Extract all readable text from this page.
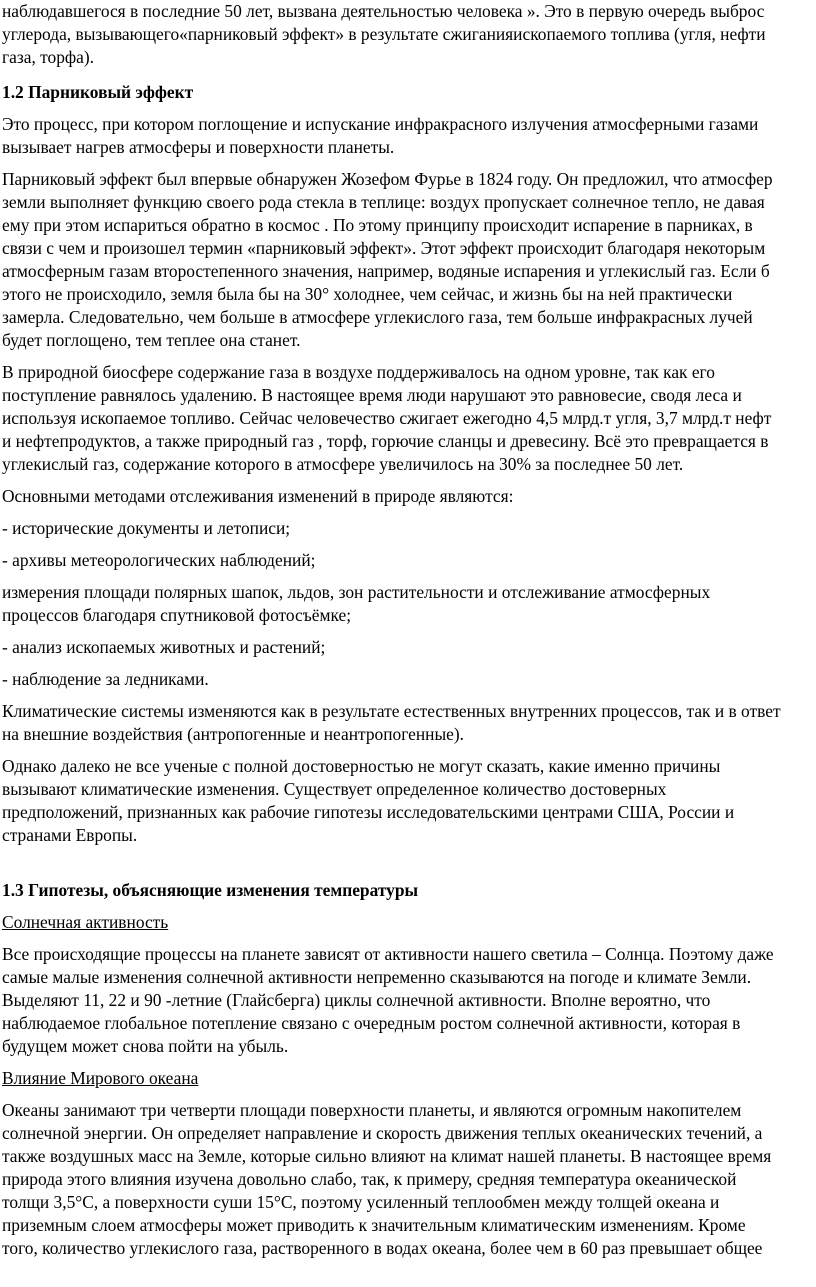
наблюдавшегося в последние 50 лет, вызвана деятельностью человека ». Это в первую очередь выброс

углерода, вызывающего«парниковый эффект» в результате сжиганияископаемого топлива (угля, нефти

газа, торфа).

1.2 Парниковый эффект

Это процесс, при котором поглощение и испускание инфракрасного излучения атмосферными газами

вызывает нагрев атмосферы и поверхности планеты.

Парниковый эффект был впервые обнаружен Жозефом Фурье в 1824 году. Он предложил, что атмосфер

земли выполняет функцию своего рода стекла в теплице: воздух пропускает солнечное тепло, не давая

ему при этом испариться обратно в космос . По этому принципу происходит испарение в парниках, в

связи с чем и произошел термин «парниковый эффект». Этот эффект происходит благодаря некоторым

атмосферным газам второстепенного значения, например, водяные испарения и углекислый газ. Если б

этого не происходило, земля была бы на 30° холоднее, чем сейчас, и жизнь бы на ней практически

замерла. Следовательно, чем больше в атмосфере углекислого газа, тем больше инфракрасных лучей

будет поглощено, тем теплее она станет.

В природной биосфере содержание газа в воздухе поддерживалось на одном уровне, так как его

поступление равнялось удалению. В настоящее время люди нарушают это равновесие, сводя леса и

используя ископаемое топливо. Сейчас человечество сжигает ежегодно 4,5 млрд.т угля, 3,7 млрд.т нефт

и нефтепродуктов, а также природный газ , торф, горючие сланцы и древесину. Всё это превращается в

углекислый газ, содержание которого в атмосфере увеличилось на 30% за последнее 50 лет.

Основными методами отслеживания изменений в природе являются:

- исторические документы и летописи;

- архивы метеорологических наблюдений;

измерения площади полярных шапок, льдов, зон растительности и отслеживание атмосферных

процессов благодаря спутниковой фотосъёмке;

- анализ ископаемых животных и растений;

- наблюдение за ледниками.

Климатические системы изменяются как в результате естественных внутренних процессов, так и в ответ

на внешние воздействия (антропогенные и неантропогенные).

Однако далеко не все ученые с полной достоверностью не могут сказать, какие именно причины

вызывают климатические изменения. Существует определенное количество достоверных

предположений, признанных как рабочие гипотезы исследовательскими центрами США, России и

странами Европы.

1.3 Гипотезы, объясняющие изменения температуры

Солнечная активность

Все происходящие процессы на планете зависят от активности нашего светила – Солнца. Поэтому даже

самые малые изменения солнечной активности непременно сказываются на погоде и климате Земли.

Выделяют 11, 22 и 90 -летние (Глайсберга) циклы солнечной активности. Вполне вероятно, что

наблюдаемое глобальное потепление связано с очередным ростом солнечной активности, которая в

будущем может снова пойти на убыль.

Влияние Мирового океана

Океаны занимают три четверти площади поверхности планеты, и являются огромным накопителем

солнечной энергии. Он определяет направление и скорость движения теплых океанических течений, а

также воздушных масс на Земле, которые сильно влияют на климат нашей планеты. В настоящее время

природа этого влияния изучена довольно слабо, так, к примеру, средняя температура океанической

толщи 3,5°С, а поверхности суши 15°С, поэтому усиленный теплообмен между толщей океана и

приземным слоем атмосферы может приводить к значительным климатическим изменениям. Кроме

того, количество углекислого газа, растворенного в водах океана, более чем в 60 раз превышает общее
